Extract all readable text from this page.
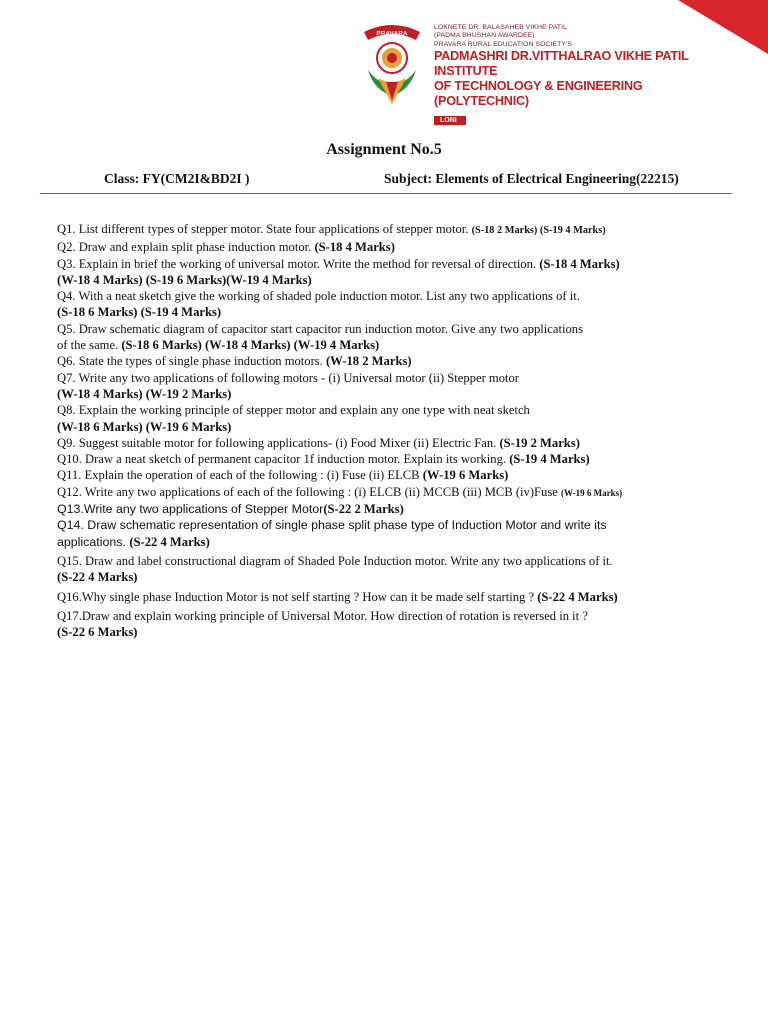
PRAVARA
LOKNETE DR. BALASAHEB VIKHE PATIL
(PADMA BHUSHAN AWARDEE)
PRAVARA RURAL EDUCATION SOCIETY'S
PADMASHRI DR.VITTHALRAO VIKHE PATIL INSTITUTE
OF TECHNOLOGY & ENGINEERING (POLYTECHNIC)
LONI
Assignment No.5
Class: FY(CM2I&BD2I )	Subject: Elements of Electrical Engineering(22215)
Q1. List different types of stepper motor. State four applications of stepper motor. (S-18 2 Marks) (S-19 4 Marks)
Q2. Draw and explain split phase induction motor. (S-18 4 Marks)
Q3. Explain in brief the working of universal motor. Write the method for reversal of direction. (S-18 4 Marks)
(W-18 4 Marks) (S-19 6 Marks)(W-19 4 Marks)
Q4. With a neat sketch give the working of shaded pole induction motor. List any two applications of it.
(S-18 6 Marks) (S-19 4 Marks)
Q5. Draw schematic diagram of capacitor start capacitor run induction motor. Give any two applications
of the same. (S-18 6 Marks) (W-18 4 Marks) (W-19 4 Marks)
Q6. State the types of single phase induction motors. (W-18 2 Marks)
Q7. Write any two applications of following motors - (i) Universal motor (ii) Stepper motor
(W-18 4 Marks) (W-19 2 Marks)
Q8. Explain the working principle of stepper motor and explain any one type with neat sketch
(W-18 6 Marks) (W-19 6 Marks)
Q9. Suggest suitable motor for following applications- (i) Food Mixer (ii) Electric Fan. (S-19 2 Marks)
Q10. Draw a neat sketch of permanent capacitor 1f induction motor. Explain its working. (S-19 4 Marks)
Q11. Explain the operation of each of the following : (i) Fuse (ii) ELCB (W-19 6 Marks)
Q12. Write any two applications of each of the following : (i) ELCB (ii) MCCB (iii) MCB (iv)Fuse (W-19 6 Marks)
Q13.Write any two applications of Stepper Motor(S-22 2 Marks)
Q14. Draw schematic representation of single phase split phase type of Induction Motor and write its
applications. (S-22 4 Marks)
Q15. Draw and label constructional diagram of Shaded Pole Induction motor. Write any two applications of it.
(S-22 4 Marks)
Q16.Why single phase Induction Motor is not self starting ? How can it be made self starting ? (S-22 4 Marks)
Q17.Draw and explain working principle of Universal Motor. How direction of rotation is reversed in it ?
(S-22 6 Marks)
